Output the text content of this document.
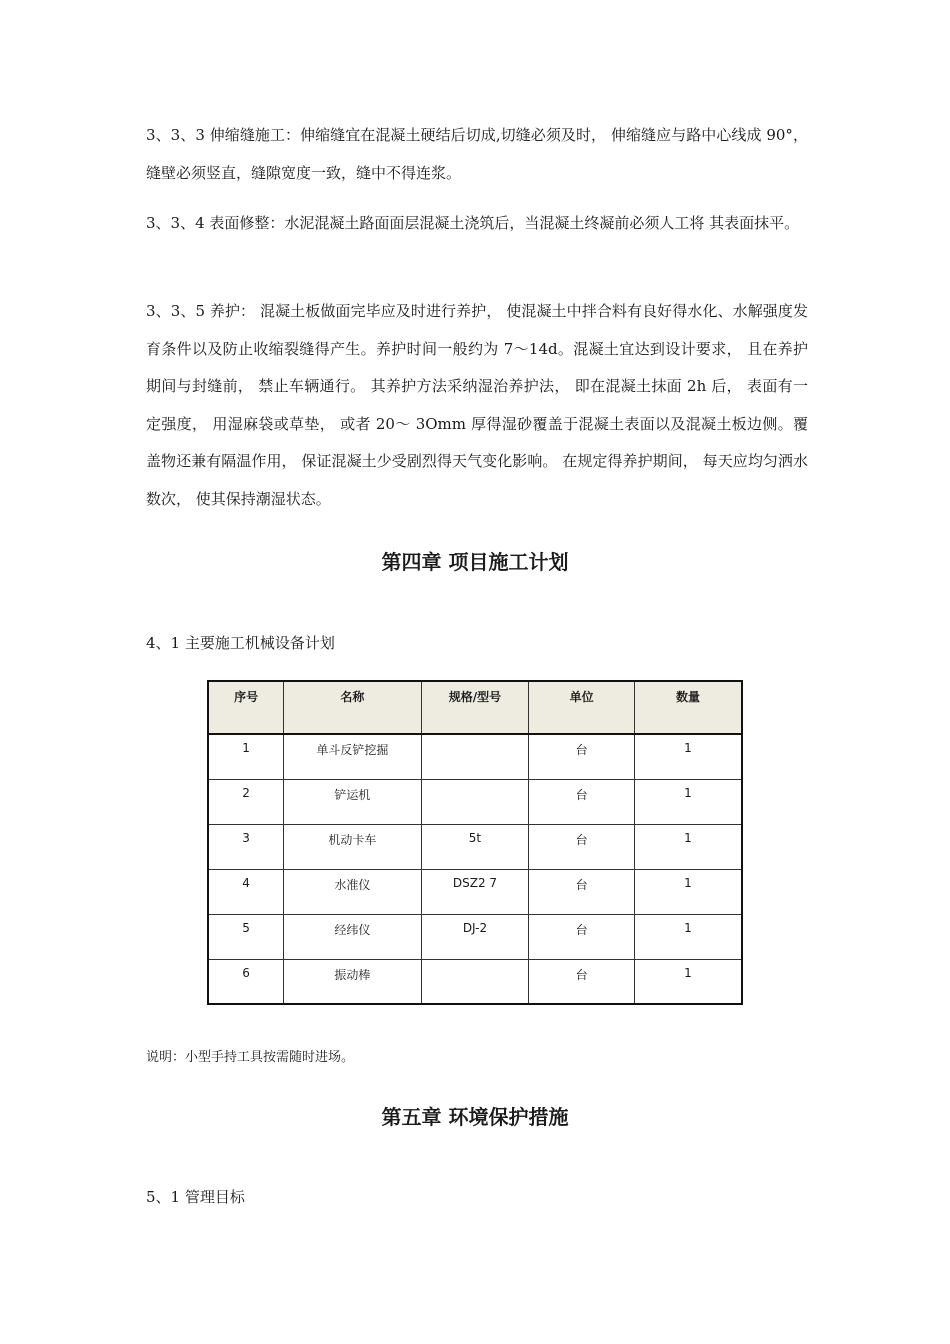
3、3、3 伸缩缝施工：伸缩缝宜在混凝土硬结后切成,切缝必须及时， 伸缩缝应与路中心线成 90°，缝壁必须竖直，缝隙宽度一致，缝中不得连浆。

3、3、4 表面修整：水泥混凝土路面面层混凝土浇筑后，当混凝土终凝前必须人工将 其表面抹平。

3、3、5 养护： 混凝土板做面完毕应及时进行养护， 使混凝土中拌合料有良好得水化、水解强度发育条件以及防止收缩裂缝得产生。养护时间一般约为 7～14d。混凝土宜达到设计要求， 且在养护期间与封缝前， 禁止车辆通行。 其养护方法采纳湿治养护法， 即在混凝土抹面 2h 后， 表面有一定强度， 用湿麻袋或草垫， 或者 20～ 3Omm 厚得湿砂覆盖于混凝土表面以及混凝土板边侧。覆盖物还兼有隔温作用， 保证混凝土少受剧烈得天气变化影响。 在规定得养护期间， 每天应均匀洒水数次， 使其保持潮湿状态。

第四章 项目施工计划

4、1 主要施工机械设备计划

序号	名称	规格/型号	单位	数量
1	单斗反铲挖掘		台	1
2	铲运机		台	1
3	机动卡车	5t	台	1
4	水准仪	DSZ2 7	台	1
5	经纬仪	DJ-2	台	1
6	振动棒		台	1

说明：小型手持工具按需随时进场。

第五章 环境保护措施

5、1 管理目标
